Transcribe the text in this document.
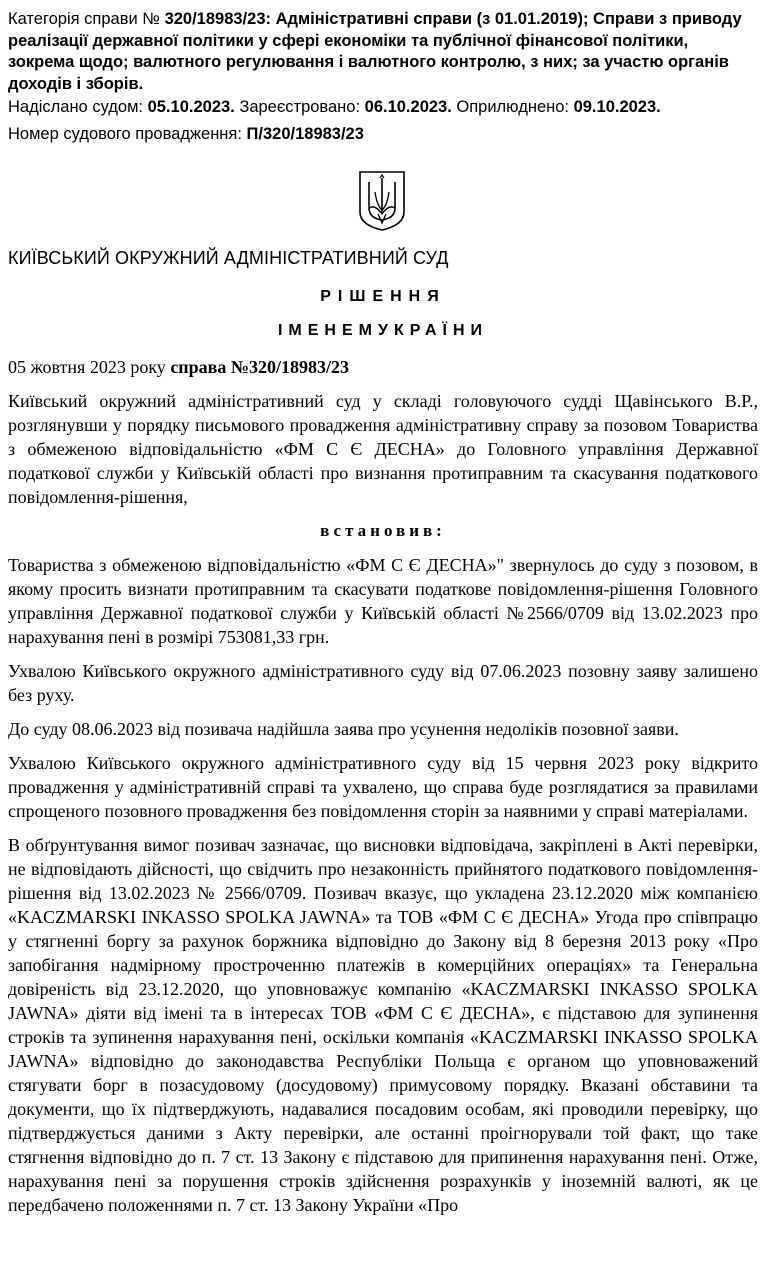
Категорія справи № 320/18983/23: Адміністративні справи (з 01.01.2019); Справи з приводу реалізації державної політики у сфері економіки та публічної фінансової політики, зокрема щодо; валютного регулювання і валютного контролю, з них; за участю органів доходів і зборів.

Надіслано судом: 05.10.2023. Зареєстровано: 06.10.2023. Оприлюднено: 09.10.2023.

Номер судового провадження: П/320/18983/23

КИЇВСЬКИЙ ОКРУЖНИЙ АДМІНІСТРАТИВНИЙ СУД

РІШЕННЯ

ІМЕНЕМУКРАЇНИ

05 жовтня 2023 року справа №320/18983/23

Київський окружний адміністративний суд у складі головуючого судді Щавінського В.Р., розглянувши у порядку письмового провадження адміністративну справу за позовом Товариства з обмеженою відповідальністю «ФМ С Є ДЕСНА» до Головного управління Державної податкової служби у Київській області про визнання протиправним та скасування податкового повідомлення-рішення,

встановив:

Товариства з обмеженою відповідальністю «ФМ С Є ДЕСНА»" звернулось до суду з позовом, в якому просить визнати протиправним та скасувати податкове повідомлення-рішення Головного управління Державної податкової служби у Київській області №2566/0709 від 13.02.2023 про нарахування пені в розмірі 753081,33 грн.

Ухвалою Київського окружного адміністративного суду від 07.06.2023 позовну заяву залишено без руху.

До суду 08.06.2023 від позивача надійшла заява про усунення недоліків позовної заяви.

Ухвалою Київського окружного адміністративного суду від 15 червня 2023 року відкрито провадження у адміністративній справі та ухвалено, що справа буде розглядатися за правилами спрощеного позовного провадження без повідомлення сторін за наявними у справі матеріалами.

В обґрунтування вимог позивач зазначає, що висновки відповідача, закріплені в Акті перевірки, не відповідають дійсності, що свідчить про незаконність прийнятого податкового повідомлення-рішення від 13.02.2023 № 2566/0709. Позивач вказує, що укладена 23.12.2020 між компанією «KACZMARSKI INKASSO SPOLKA JAWNA» та ТОВ «ФМ С Є ДЕСНА» Угода про співпрацю у стягненні боргу за рахунок боржника відповідно до Закону від 8 березня 2013 року «Про запобігання надмірному простроченню платежів в комерційних операціях» та Генеральна довіреність від 23.12.2020, що уповноважує компанію «KACZMARSKI INKASSO SPOLKA JAWNA» діяти від імені та в інтересах ТОВ «ФМ С Є ДЕСНА», є підставою для зупинення строків та зупинення нарахування пені, оскільки компанія «KACZMARSKI INKASSO SPOLKA JAWNA» відповідно до законодавства Республіки Польща є органом що уповноважений стягувати борг в позасудовому (досудовому) примусовому порядку. Вказані обставини та документи, що їх підтверджують, надавалися посадовим особам, які проводили перевірку, що підтверджується даними з Акту перевірки, але останні проігнорували той факт, що таке стягнення відповідно до п. 7 ст. 13 Закону є підставою для припинення нарахування пені. Отже, нарахування пені за порушення строків здійснення розрахунків у іноземній валюті, як це передбачено положеннями п. 7 ст. 13 Закону України «Про
